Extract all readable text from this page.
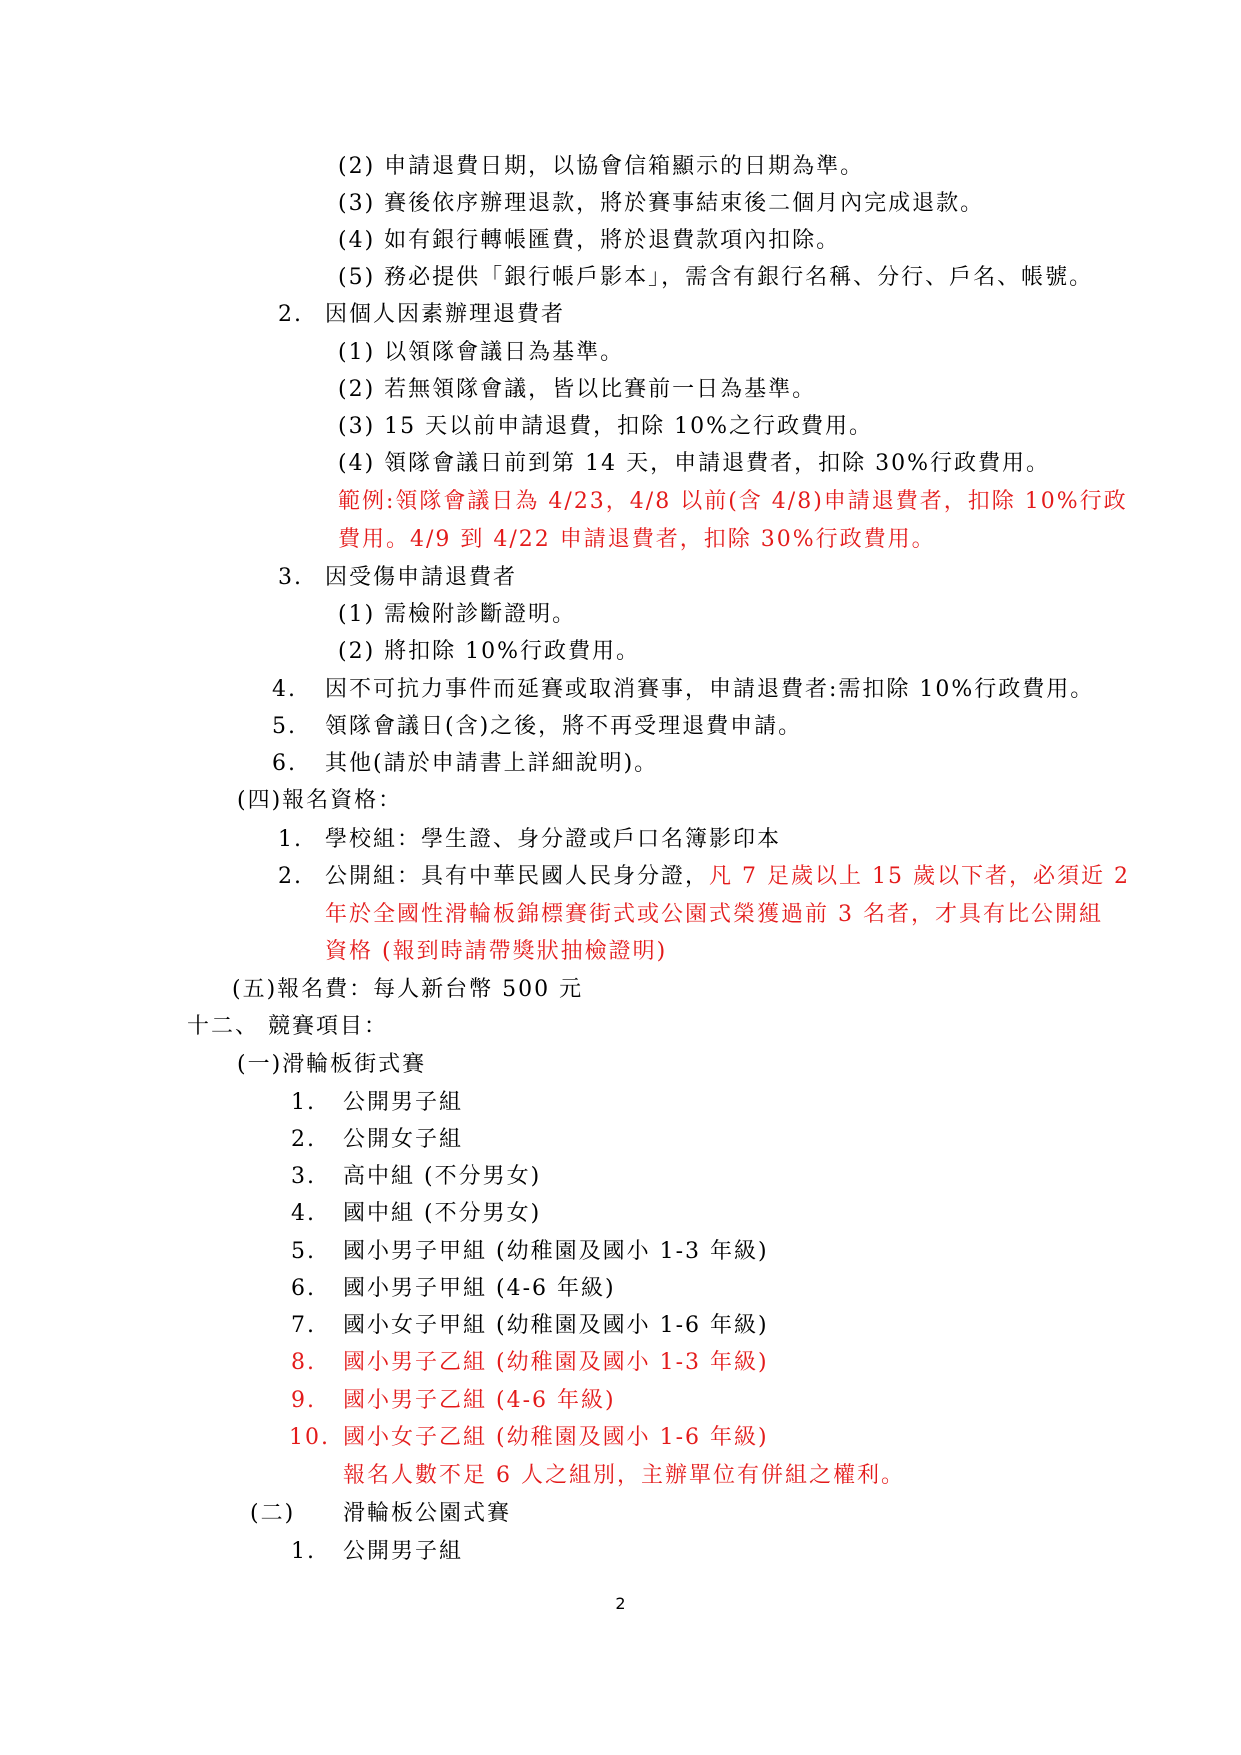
(2) 申請退費日期，以協會信箱顯示的日期為準。
(3) 賽後依序辦理退款，將於賽事結束後二個月內完成退款。
(4) 如有銀行轉帳匯費，將於退費款項內扣除。
(5) 務必提供「銀行帳戶影本」，需含有銀行名稱、分行、戶名、帳號。
2. 因個人因素辦理退費者
(1) 以領隊會議日為基準。
(2) 若無領隊會議，皆以比賽前一日為基準。
(3) 15 天以前申請退費，扣除 10%之行政費用。
(4) 領隊會議日前到第 14 天，申請退費者，扣除 30%行政費用。
範例:領隊會議日為 4/23，4/8 以前(含 4/8)申請退費者，扣除 10%行政
費用。4/9 到 4/22 申請退費者，扣除 30%行政費用。
3. 因受傷申請退費者
(1) 需檢附診斷證明。
(2) 將扣除 10%行政費用。
4. 因不可抗力事件而延賽或取消賽事，申請退費者:需扣除 10%行政費用。
5. 領隊會議日(含)之後，將不再受理退費申請。
6. 其他(請於申請書上詳細說明)。
(四)報名資格：
1. 學校組：學生證、身分證或戶口名簿影印本
2. 公開組：具有中華民國人民身分證，凡 7 足歲以上 15 歲以下者，必須近 2
年於全國性滑輪板錦標賽街式或公園式榮獲過前 3 名者，才具有比公開組
資格 (報到時請帶獎狀抽檢證明)
(五)報名費：每人新台幣 500 元
十二、 競賽項目：
(一)滑輪板街式賽
1. 公開男子組
2. 公開女子組
3. 高中組 (不分男女)
4. 國中組 (不分男女)
5. 國小男子甲組 (幼稚園及國小 1-3 年級)
6. 國小男子甲組 (4-6 年級)
7. 國小女子甲組 (幼稚園及國小 1-6 年級)
8. 國小男子乙組 (幼稚園及國小 1-3 年級)
9. 國小男子乙組 (4-6 年級)
10. 國小女子乙組 (幼稚園及國小 1-6 年級)
報名人數不足 6 人之組別，主辦單位有併組之權利。
(二) 滑輪板公園式賽
1. 公開男子組
2
